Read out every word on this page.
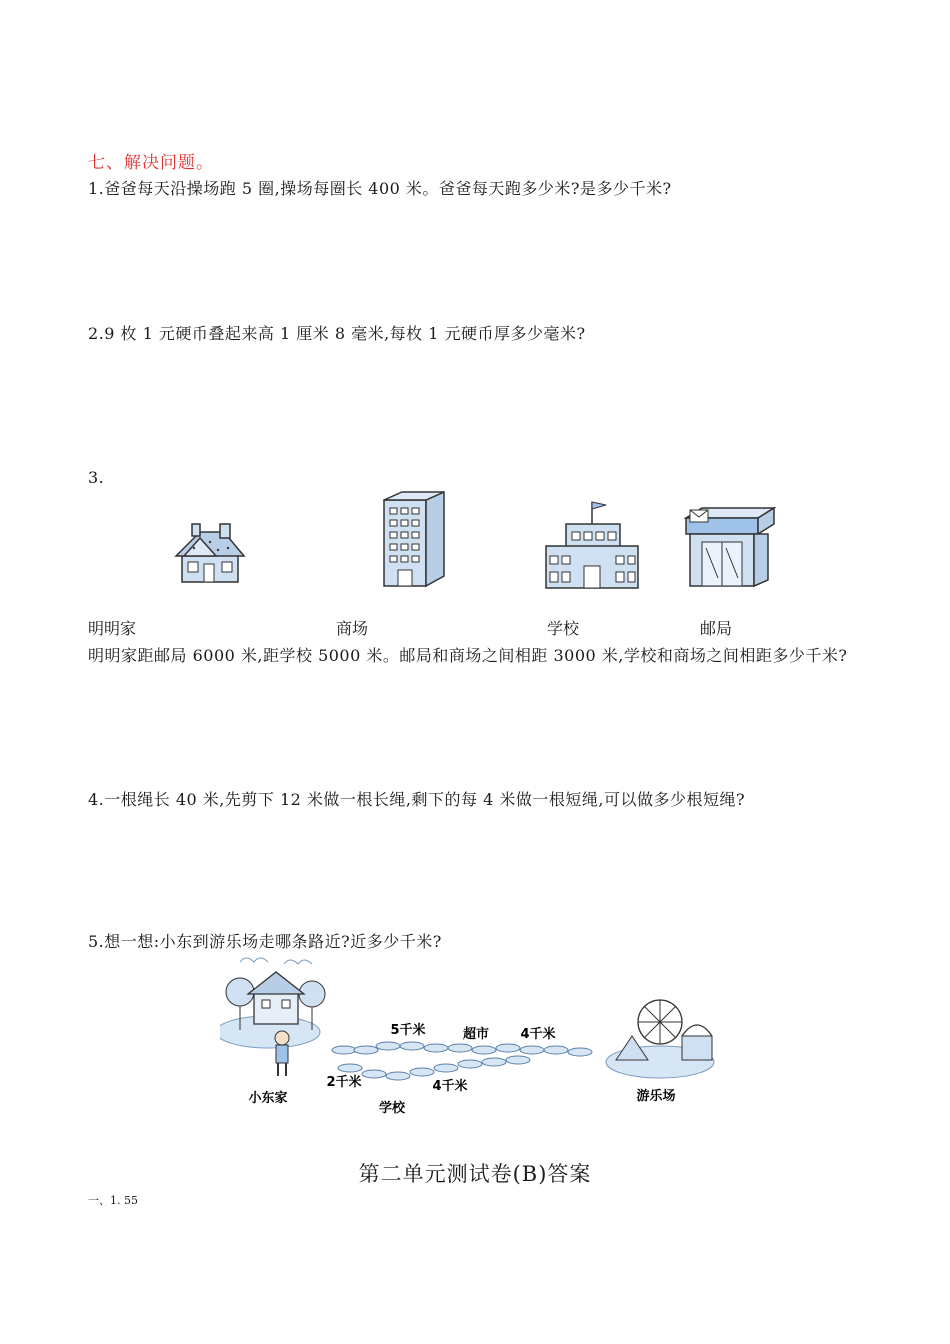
七、解决问题。
1.爸爸每天沿操场跑 5 圈,操场每圈长 400 米。爸爸每天跑多少米?是多少千米?
2.9 枚 1 元硬币叠起来高 1 厘米 8 毫米,每枚 1 元硬币厚多少毫米?
3.
明明家	商场	学校	邮局
明明家距邮局 6000 米,距学校 5000 米。邮局和商场之间相距 3000 米,学校和商场之间相距多少千米?
4.一根绳长 40 米,先剪下 12 米做一根长绳,剩下的每 4 米做一根短绳,可以做多少根短绳?
5.想一想:小东到游乐场走哪条路近?近多少千米?
小东家
5千米	超市 4千米
2千米	4千米
学校
游乐场
第二单元测试卷(B)答案
一、1. 55
